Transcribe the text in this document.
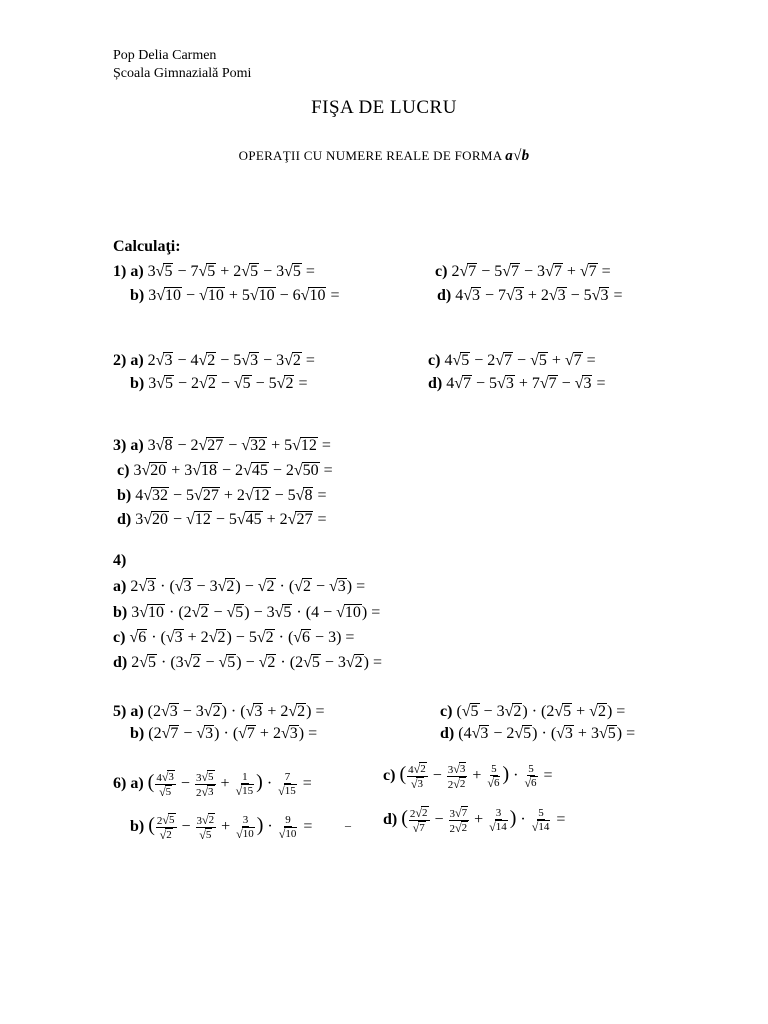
Pop Delia Carmen
Școala Gimnazială Pomi
FIŞA DE LUCRU
OPERAŢII CU NUMERE REALE DE FORMA a√b
Calculaţi:
1) a) 3 √ 5 − 7 √ 5 + 2 √ 5 − 3 √ 5 =
b) 3 √ 10 − √ 10 + 5 √ 10 − 6 √ 10 =
c) 2 √ 7 − 5 √ 7 − 3 √ 7 + √ 7 =
d) 4 √ 3 − 7 √ 3 + 2 √ 3 − 5 √ 3 =
2) a) 2 √ 3 − 4 √ 2 − 5 √ 3 − 3 √ 2 =
b) 3 √ 5 − 2 √ 2 − √ 5 − 5 √ 2 =
c) 4 √ 5 − 2 √ 7 − √ 5 + √ 7 =
d) 4 √ 7 − 5 √ 3 + 7 √ 7 − √ 3 =
3) a) 3 √ 8 − 2 √ 27 − √ 32 + 5 √ 12 =
c) 3 √ 20 + 3 √ 18 − 2 √ 45 − 2 √ 50 =
b) 4 √ 32 − 5 √ 27 + 2 √ 12 − 5 √ 8 =
d) 3 √ 20 − √ 12 − 5 √ 45 + 2 √ 27 =
4)
a) 2 √ 3 · ( √ 3 − 3 √ 2 ) − √ 2 · ( √ 2 − √ 3 ) =
b) 3 √ 10 · (2 √ 2 − √ 5 ) − 3 √ 5 · (4 − √ 10 ) =
c) √ 6 · ( √ 3 + 2 √ 2 ) − 5 √ 2 · ( √ 6 − 3) =
d) 2 √ 5 · (3 √ 2 − √ 5 ) − √ 2 · (2 √ 5 − 3 √ 2 ) =
5) a) (2 √ 3 − 3 √ 2 ) · ( √ 3 + 2 √ 2 ) =
b) (2 √ 7 − √ 3 ) · ( √ 7 + 2 √ 3 ) =
c) ( √ 5 − 3 √ 2 ) · (2 √ 5 + √ 2 ) =
d) (4 √ 3 − 2 √ 5 ) · ( √ 3 + 3 √ 5 ) =
6) a) ( $\frac{4 √ 3}{√ 5} - \frac{3 √ 5}{2 √ 3} + \frac{1}{√ 15}$ ) · $\frac{7}{√ 15}$ =
b) ( $\frac{2 √ 5}{√ 2} - \frac{3 √ 2}{√ 5} + \frac{3}{√ 10}$ ) · $\frac{9}{√ 10}$ =
c) ( $\frac{4 √ 2}{√ 3} - \frac{3 √ 3}{2 √ 2} + \frac{5}{√ 6}$ ) · $\frac{5}{√ 6}$ =
d) ( $\frac{2 √ 2}{√ 7} - \frac{3 √ 7}{2 √ 2} + \frac{3}{√ 14}$ ) · $\frac{5}{√ 14}$ =
–
